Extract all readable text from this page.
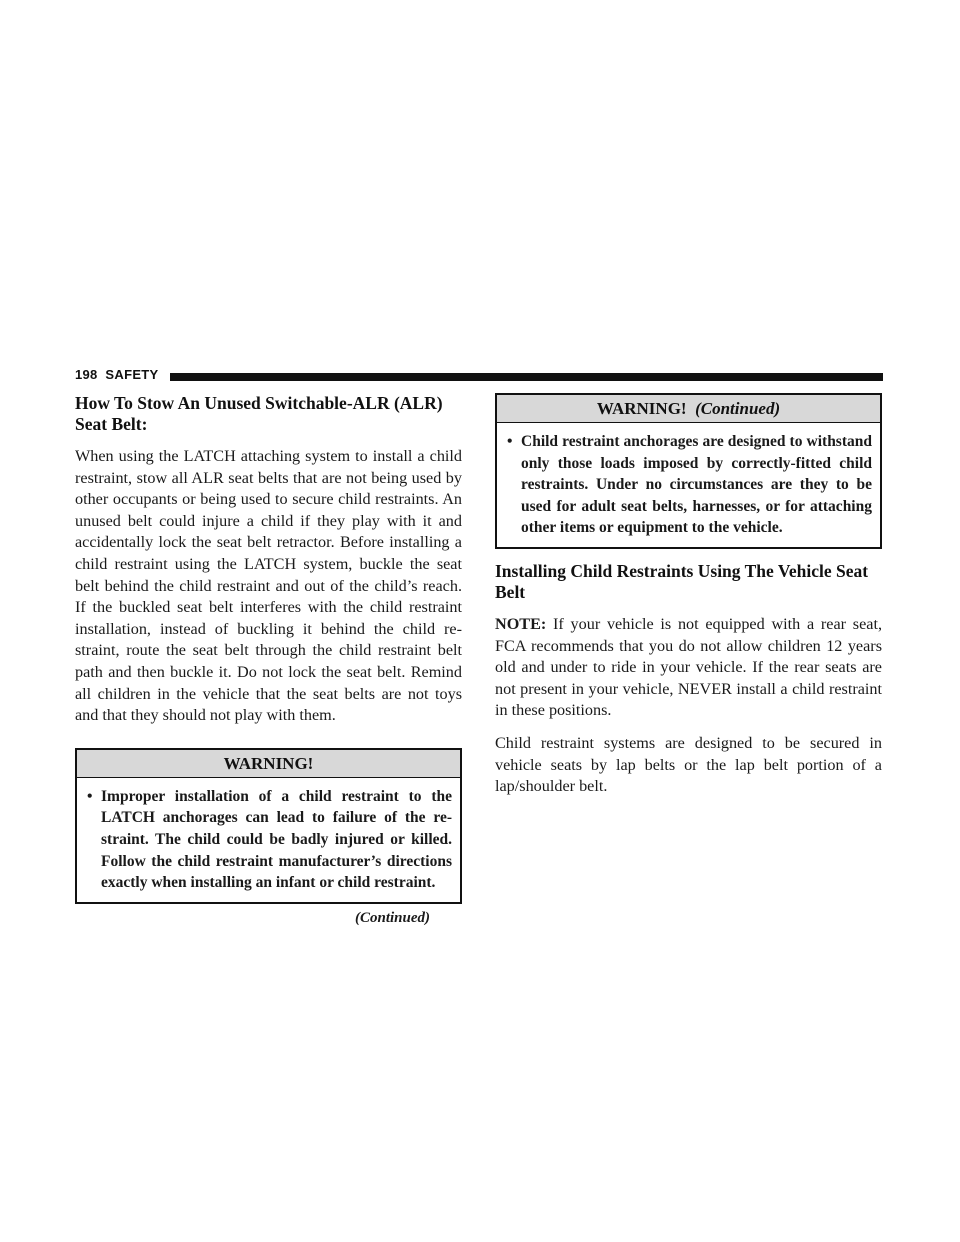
198 SAFETY
How To Stow An Unused Switchable-ALR (ALR)
Seat Belt:

When using the LATCH attaching system to install a child restraint, stow all ALR seat belts that are not being used by other occupants or being used to secure child restraints. An unused belt could injure a child if they play with it and accidentally lock the seat belt retractor. Before installing a child restraint using the LATCH system, buckle the seat belt behind the child restraint and out of the child’s reach. If the buckled seat belt interferes with the child restraint installation, instead of buckling it behind the child re-straint, route the seat belt through the child restraint belt path and then buckle it. Do not lock the seat belt. Remind all children in the vehicle that the seat belts are not toys and that they should not play with them.

WARNING!
• Improper installation of a child restraint to the LATCH anchorages can lead to failure of the re-straint. The child could be badly injured or killed. Follow the child restraint manufacturer’s directions exactly when installing an infant or child restraint.
(Continued)
WARNING! (Continued)
• Child restraint anchorages are designed to withstand only those loads imposed by correctly-fitted child restraints. Under no circumstances are they to be used for adult seat belts, harnesses, or for attaching other items or equipment to the vehicle.
Installing Child Restraints Using The Vehicle Seat
Belt

NOTE: If your vehicle is not equipped with a rear seat, FCA recommends that you do not allow children 12 years old and under to ride in your vehicle. If the rear seats are not present in your vehicle, NEVER install a child restraint in these positions.

Child restraint systems are designed to be secured in vehicle seats by lap belts or the lap belt portion of a lap/shoulder belt.
